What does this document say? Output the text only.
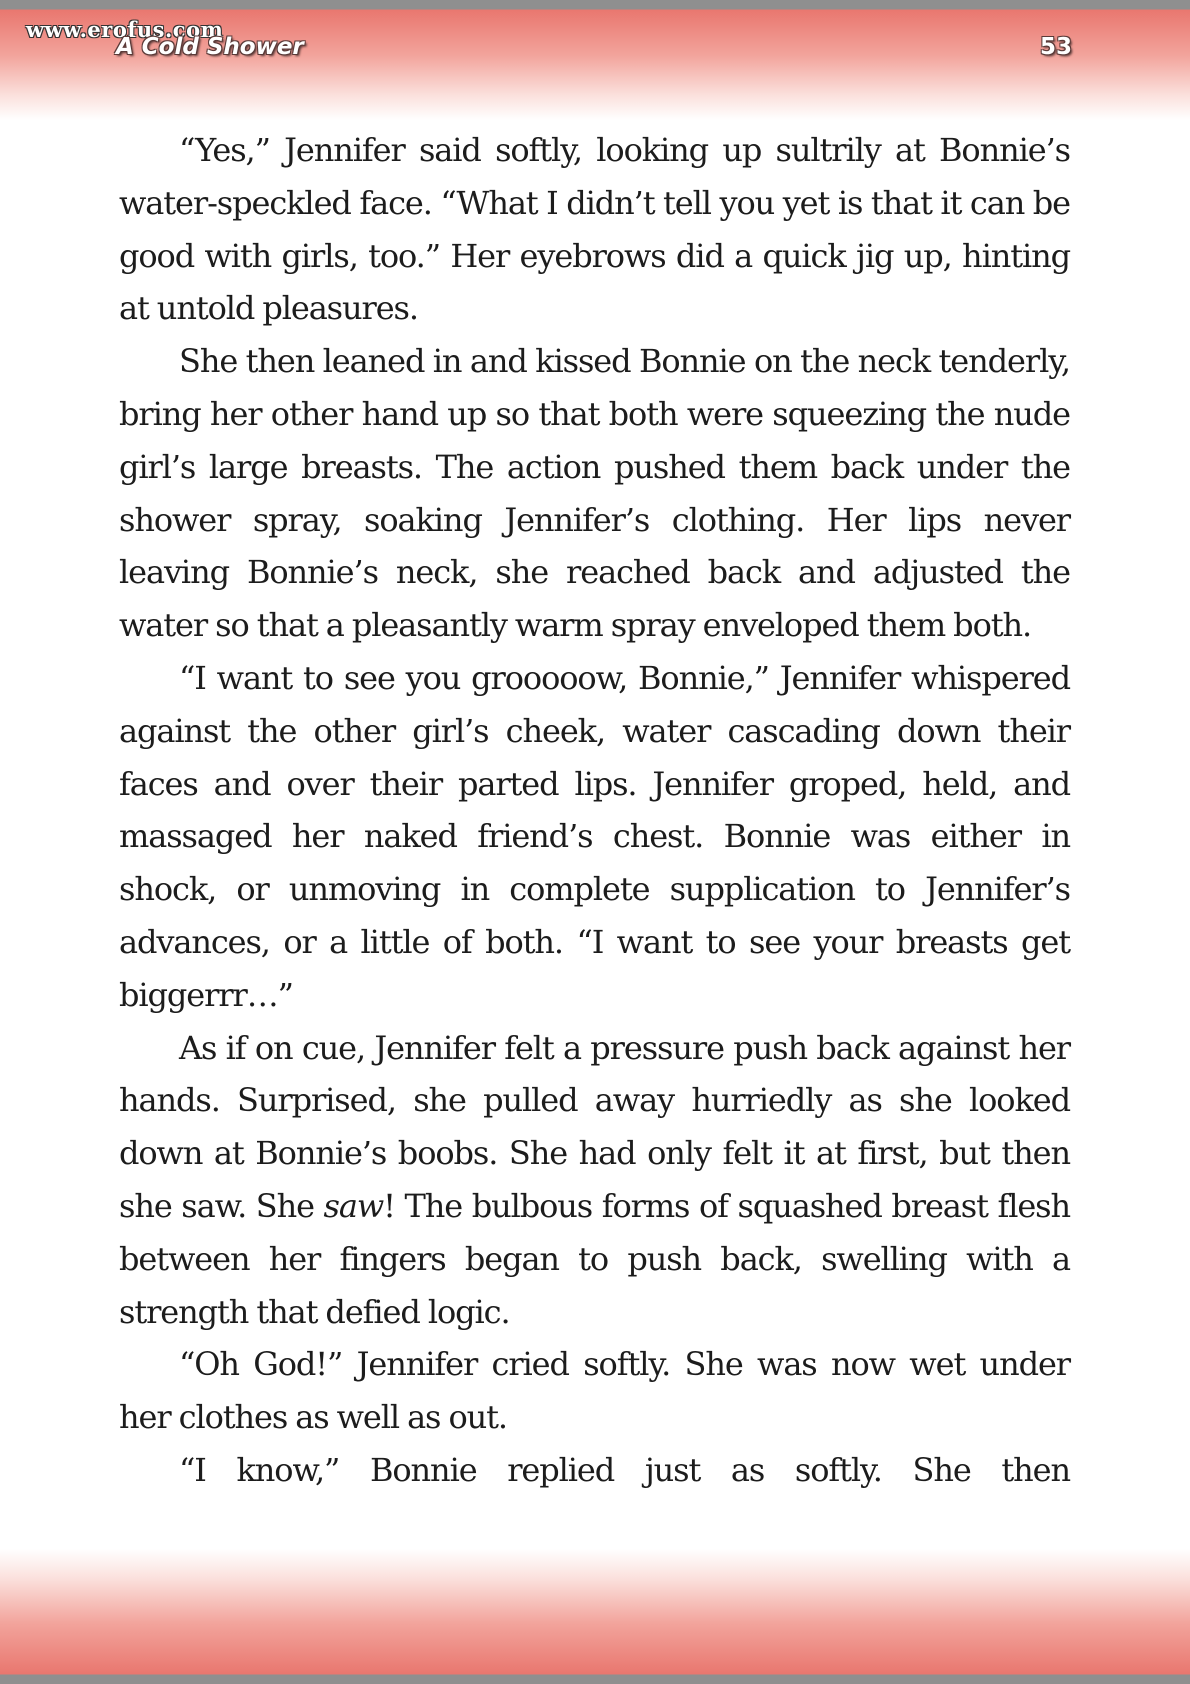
www.erofus.com
A Cold Shower	53

“Yes,” Jennifer said softly, looking up sultrily at Bonnie’s water-speckled face. “What I didn’t tell you yet is that it can be good with girls, too.” Her eyebrows did a quick jig up, hinting at untold pleasures.

She then leaned in and kissed Bonnie on the neck tenderly, bring her other hand up so that both were squeezing the nude girl’s large breasts. The action pushed them back under the shower spray, soaking Jennifer’s clothing. Her lips never leaving Bonnie’s neck, she reached back and adjusted the water so that a pleasantly warm spray enveloped them both.

“I want to see you grooooow, Bonnie,” Jennifer whispered against the other girl’s cheek, water cascading down their faces and over their parted lips. Jennifer groped, held, and massaged her naked friend’s chest. Bonnie was either in shock, or unmoving in complete supplication to Jennifer’s advances, or a little of both. “I want to see your breasts get biggerrr…”

As if on cue, Jennifer felt a pressure push back against her hands. Surprised, she pulled away hurriedly as she looked down at Bonnie’s boobs. She had only felt it at first, but then she saw. She saw! The bulbous forms of squashed breast flesh between her fingers began to push back, swelling with a strength that defied logic.

“Oh God!” Jennifer cried softly. She was now wet under her clothes as well as out.

“I know,” Bonnie replied just as softly. She then
